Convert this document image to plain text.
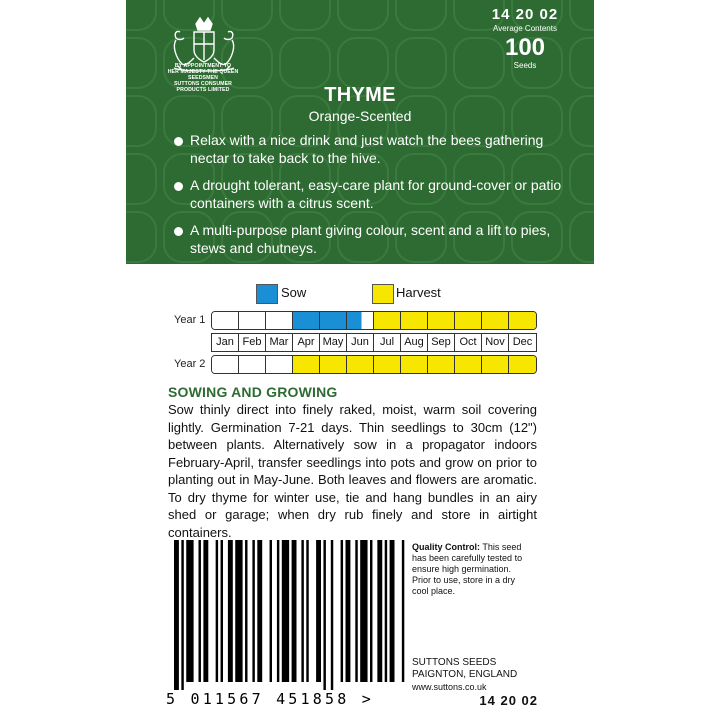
BY APPOINTMENT TO
HER MAJESTY THE QUEEN
SEEDSMEN
SUTTONS CONSUMER
PRODUCTS LIMITED
14 20 02
Average Contents
100
Seeds
THYME
Orange-Scented
Relax with a nice drink and just watch the bees gathering nectar to take back to the hive.
A drought tolerant, easy-care plant for ground-cover or patio containers with a citrus scent.
A multi-purpose plant giving colour, scent and a lift to pies, stews and chutneys.
Sow	Harvest
Year 1
Jan Feb Mar Apr May Jun	Jul Aug Sep Oct Nov Dec
Year 2
SOWING AND GROWING
Sow thinly direct into finely raked, moist, warm soil covering lightly. Germination 7-21 days. Thin seedlings to 30cm (12") between plants. Alternatively sow in a propagator indoors February-April, transfer seedlings into pots and grow on prior to planting out in May-June. Both leaves and flowers are aromatic. To dry thyme for winter use, tie and hang bundles in an airy shed or garage; when dry rub finely and store in airtight containers.
5 011567 451858 >
Quality Control: This seed has been carefully tested to ensure high germination. Prior to use, store in a dry cool place.
SUTTONS SEEDS
PAIGNTON, ENGLAND
www.suttons.co.uk
14 20 02
